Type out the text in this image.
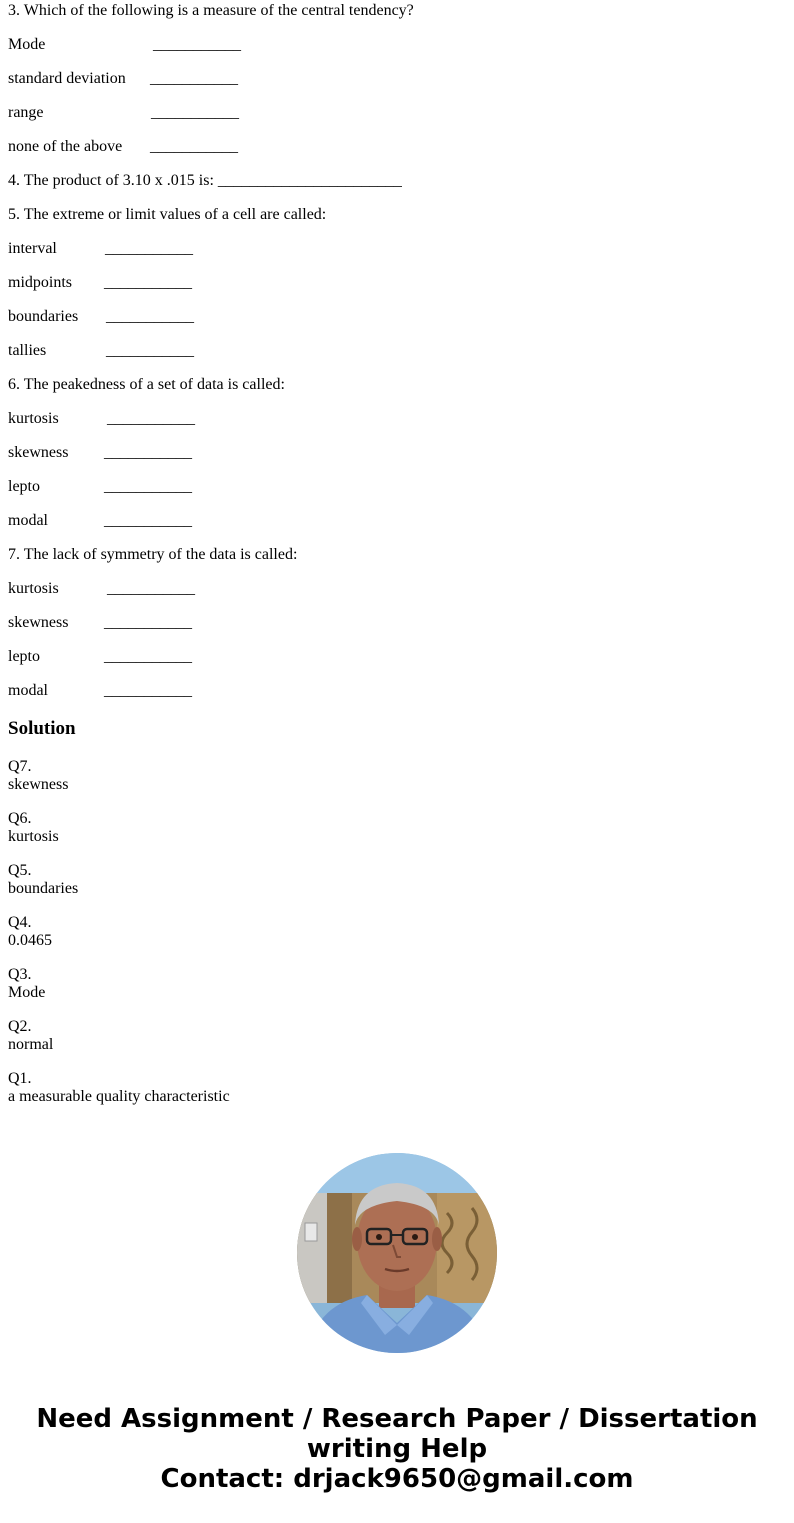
3. Which of the following is a measure of the central tendency?
Mode	___________
standard deviation ___________
range	___________
none of the above ___________
4. The product of 3.10 x .015 is: _______________________
5. The extreme or limit values of a cell are called:
interval	___________
midpoints ___________
boundaries ___________
tallies	___________
6. The peakedness of a set of data is called:
kurtosis	___________
skewness ___________
lepto	___________
modal	___________
7. The lack of symmetry of the data is called:
kurtosis	___________
skewness ___________
lepto	___________
modal	___________
Solution
Q7.
skewness
Q6.
kurtosis
Q5.
boundaries
Q4.
0.0465
Q3.
Mode
Q2.
normal
Q1.
a measurable quality characteristic
Need Assignment / Research Paper / Dissertation
writing Help
Contact: drjack9650@gmail.com
